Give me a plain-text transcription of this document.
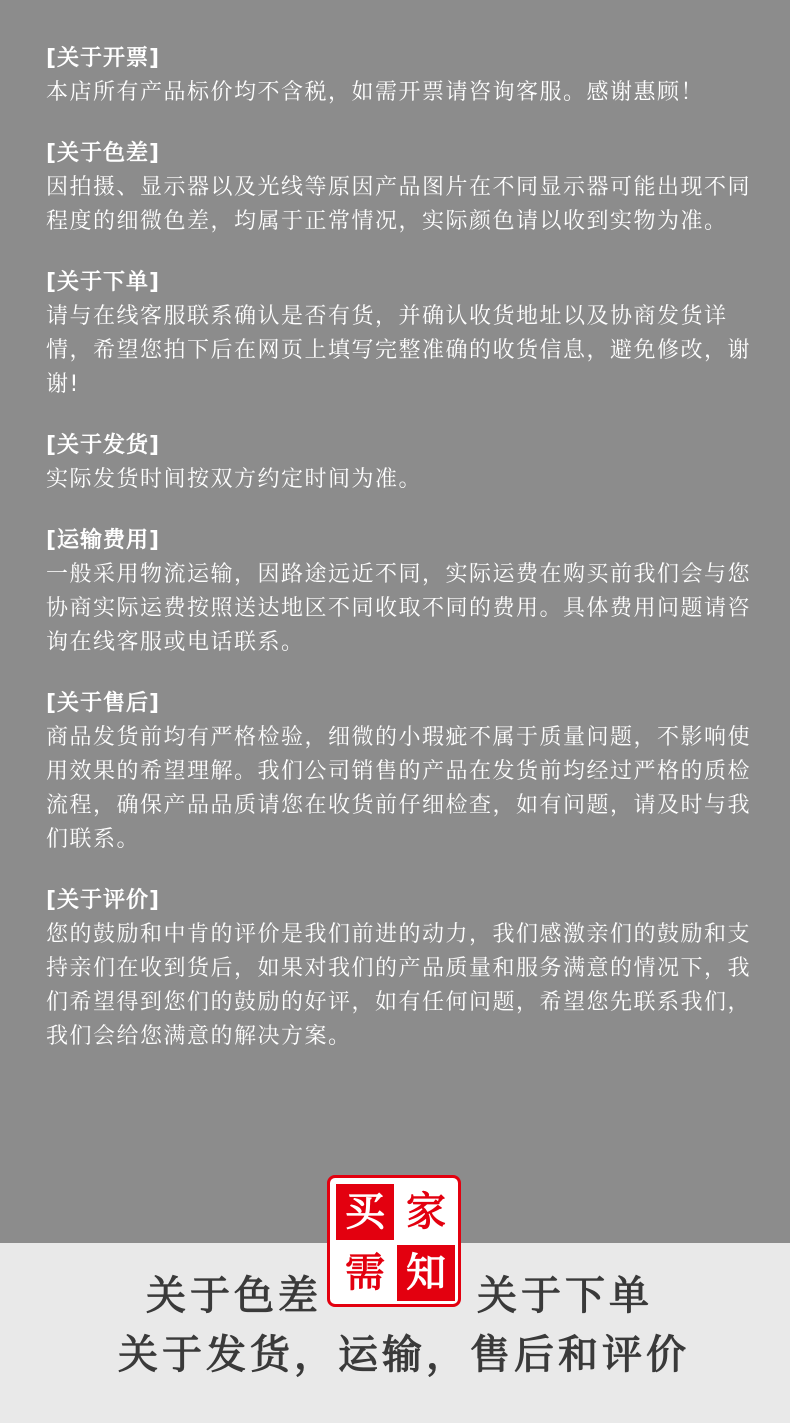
[关于开票]

本店所有产品标价均不含税，如需开票请咨询客服。感谢惠顾！

[关于色差]

因拍摄、显示器以及光线等原因产品图片在不同显示器可能出现不同程度的细微色差，均属于正常情况，实际颜色请以收到实物为准。

[关于下单]

请与在线客服联系确认是否有货，并确认收货地址以及协商发货详情，希望您拍下后在网页上填写完整准确的收货信息，避免修改，谢谢!

[关于发货]

实际发货时间按双方约定时间为准。

[运输费用]

一般采用物流运输，因路途远近不同，实际运费在购买前我们会与您协商实际运费按照送达地区不同收取不同的费用。具体费用问题请咨询在线客服或电话联系。

[关于售后]

商品发货前均有严格检验，细微的小瑕疵不属于质量问题，不影响使用效果的希望理解。我们公司销售的产品在发货前均经过严格的质检流程，确保产品品质请您在收货前仔细检查，如有问题，请及时与我们联系。

[关于评价]

您的鼓励和中肯的评价是我们前进的动力，我们感激亲们的鼓励和支持亲们在收到货后，如果对我们的产品质量和服务满意的情况下，我们希望得到您们的鼓励的好评，如有任何问题，希望您先联系我们，我们会给您满意的解决方案。

买 家
需 知
关于色差	关于下单
关于发货，运输，售后和评价
